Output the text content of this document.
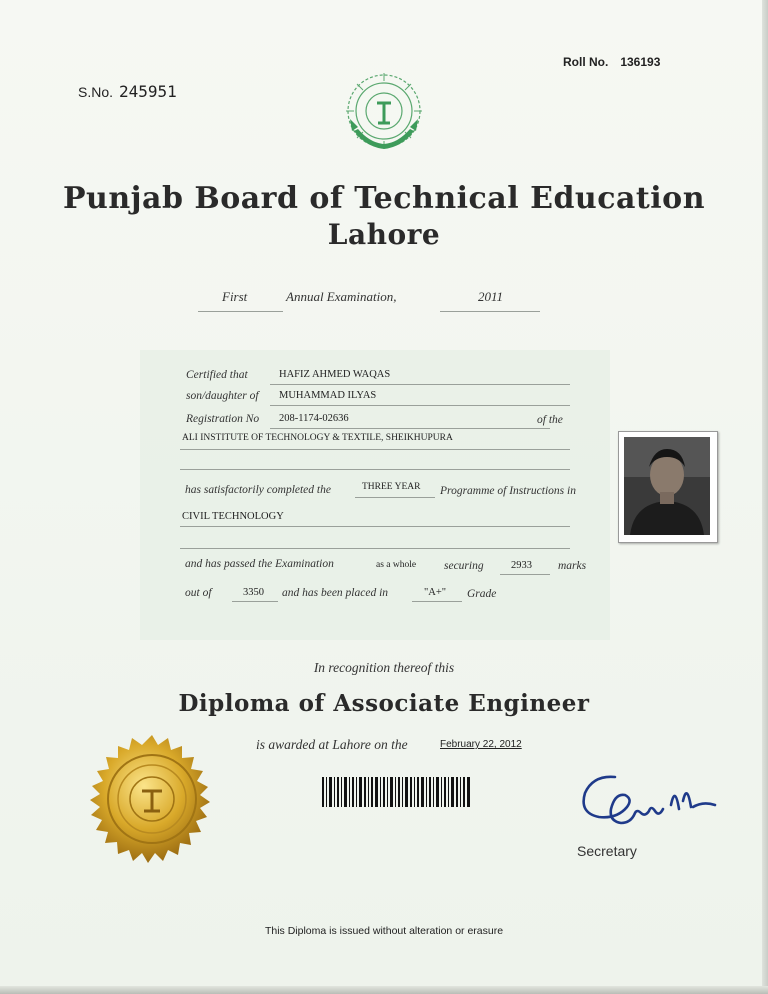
Roll No. 136193
S.No. 245951
Punjab Board of Technical Education
Lahore
First	Annual Examination,	2011
Certified that	HAFIZ AHMED WAQAS
son/daughter of MUHAMMAD ILYAS
Registration No 208-1174-02636	of the
ALI INSTITUTE OF TECHNOLOGY & TEXTILE, SHEIKHUPURA
has satisfactorily completed the	THREE YEAR Programme of Instructions in
CIVIL TECHNOLOGY
and has passed the Examination	as a whole securing	2933 marks
out of	3350 and has been placed in	"A+" Grade
In recognition thereof this
Diploma of Associate Engineer
is awarded at Lahore on the	February 22, 2012
Secretary
This Diploma is issued without alteration or erasure
